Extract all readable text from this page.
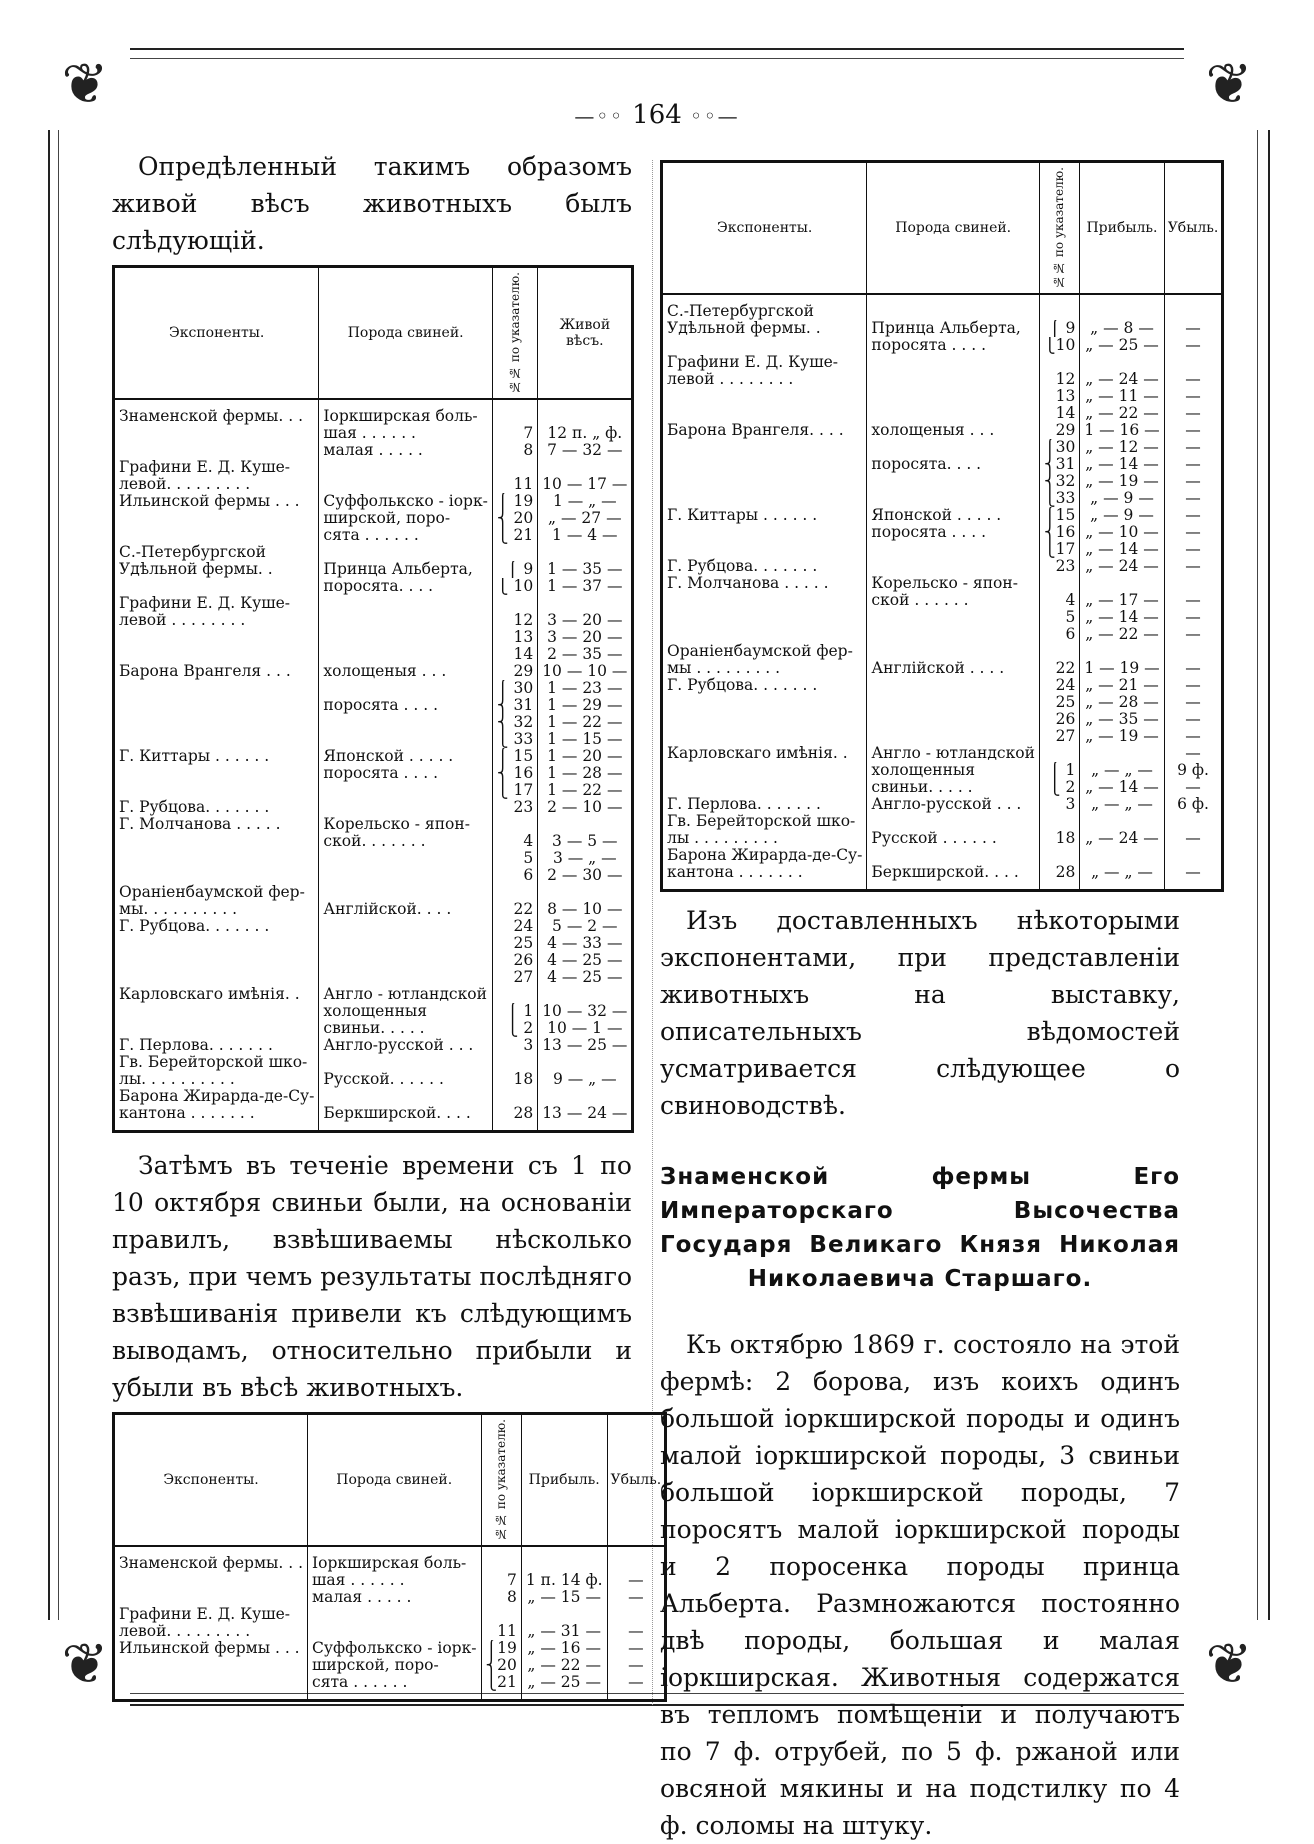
❦	❦
❦	❦
—◦◦ 164 ◦◦—

Опредѣленный такимъ образомъ живой вѣсъ животныхъ былъ слѣдующій.

Экспоненты.	Порода свиней.	№№ по указателю.	Живой вѣсъ.

Знаменской фермы. . .	Іоркширская боль-		
	шая . . . . . .	7	12 п. „ ф.
	малая . . . . .	8	7 — 32 —
Графини Е. Д. Куше-			
левой. . . . . . . . .		11	10 — 17 —
Ильинской фермы . . .	Суффолькско - іорк-	⎧ 19	1 — „ —
	ширской, поро-	⎨ 20	„ — 27 —
	сята . . . . . .	⎩ 21	1 — 4 —
С.-Петербургской			
Удѣльной фермы. .	Принца Альберта,	⎧ 9	1 — 35 —
	поросята. . . .	⎩ 10	1 — 37 —
Графини Е. Д. Куше-			
левой . . . . . . . .		12	3 — 20 —
		13	3 — 20 —
		14	2 — 35 —
Барона Врангеля . . .	холощеныя . . .	29	10 — 10 —
		⎧ 30	1 — 23 —
	поросята . . . .	⎨ 31	1 — 29 —
		⎨ 32	1 — 22 —
		⎩ 33	1 — 15 —
Г. Киттары . . . . . .	Японской . . . . .	⎧ 15	1 — 20 —
	поросята . . . .	⎨ 16	1 — 28 —
		⎩ 17	1 — 22 —
Г. Рубцова. . . . . . .		23	2 — 10 —
Г. Молчанова . . . . .	Корельско - япон-		
	ской. . . . . . .	4	3 — 5 —
		5	3 — „ —
		6	2 — 30 —
Ораніенбаумской фер-			
мы. . . . . . . . . .	Англійской. . . .	22	8 — 10 —
Г. Рубцова. . . . . . .		24	5 — 2 —
		25	4 — 33 —
		26	4 — 25 —
		27	4 — 25 —
Карловскаго имѣнія. .	Англо - ютландской		
	холощенныя	⎧ 1	10 — 32 —
	свиньи. . . . .	⎩ 2	10 — 1 —
Г. Перлова. . . . . . .	Англо-русской . . .	3	13 — 25 —
Гв. Берейторской шко-			
лы. . . . . . . . . .	Русской. . . . . .	18	9 — „ —
Барона Жирарда-де-Су-			
кантона . . . . . . .	Беркширской. . . .	28	13 — 24 —

Затѣмъ въ теченіе времени съ 1 по 10 октября свиньи были, на основаніи правилъ, взвѣшиваемы нѣсколько разъ, при чемъ результаты послѣдняго взвѣшиванія привели къ слѣдующимъ выводамъ, относительно прибыли и убыли въ вѣсѣ животныхъ.

Экспоненты.	Порода свиней.	№№ по указателю.	Прибыль.	Убыль.

Знаменской фермы. . .	Іоркширская боль-			
	шая . . . . . .	7	1 п. 14 ф.	—
	малая . . . . .	8	„ — 15 —	—
Графини Е. Д. Куше-				
левой. . . . . . . . .		11	„ — 31 —	—
Ильинской фермы . . .	Суффолькско - іорк-	⎧19	„ — 16 —	—
	ширской, поро-	⎨20	„ — 22 —	—
	сята . . . . . .	⎩21	„ — 25 —	—

Экспоненты.	Порода свиней.	№№ по указателю.	Прибыль.	Убыль.

С.-Петербургской				
Удѣльной фермы. .	Принца Альберта,	⎧ 9	„ — 8 —	—
	поросята . . . .	⎩10	„ — 25 —	—
Графини Е. Д. Куше-				
левой . . . . . . . .		12	„ — 24 —	—
		13	„ — 11 —	—
		14	„ — 22 —	—
Барона Врангеля. . . .	холощеныя . . .	29	1 — 16 —	—
		⎧30	„ — 12 —	—
	поросята. . . .	⎨31	„ — 14 —	—
		⎨32	„ — 19 —	—
		⎩33	„ — 9 —	—
Г. Киттары . . . . . .	Японской . . . . .	⎧15	„ — 9 —	—
	поросята . . . .	⎨16	„ — 10 —	—
		⎩17	„ — 14 —	—
Г. Рубцова. . . . . . .		23	„ — 24 —	—
Г. Молчанова . . . . .	Корельско - япон-			
	ской . . . . . .	4	„ — 17 —	—
		5	„ — 14 —	—
		6	„ — 22 —	—
Ораніенбаумской фер-				
мы . . . . . . . . .	Англійской . . . .	22	1 — 19 —	—
Г. Рубцова. . . . . . .		24	„ — 21 —	—
		25	„ — 28 —	—
		26	„ — 35 —	—
		27	„ — 19 —	—
Карловскаго имѣнія. .	Англо - ютландской			—
	холощенныя	⎧ 1	„ — „ —	9 ф.
	свиньи. . . . .	⎩ 2	„ — 14 —	—
Г. Перлова. . . . . . .	Англо-русской . . .	3	„ — „ —	6 ф.
Гв. Берейторской шко-				
лы . . . . . . . . .	Русской . . . . . .	18	„ — 24 —	—
Барона Жирарда-де-Су-				
кантона . . . . . . .	Беркширской. . . .	28	„ — „ —	—

Изъ доставленныхъ нѣкоторыми экспонентами, при представленіи животныхъ на выставку, описательныхъ вѣдомостей усматривается слѣдующее о свиноводствѣ.

Знаменской фермы Его Императорскаго Высочества Государя Великаго Князя Николая Николаевича Старшаго.

Къ октябрю 1869 г. состояло на этой фермѣ: 2 борова, изъ коихъ одинъ большой іоркширской породы и одинъ малой іоркширской породы, 3 свиньи большой іоркширской породы, 7 поросятъ малой іоркширской породы и 2 поросенка породы принца Альберта. Размножаются постоянно двѣ породы, большая и малая іоркширская. Животныя содержатся въ тепломъ помѣщеніи и получаютъ по 7 ф. отрубей, по 5 ф. ржаной или овсяной мякины и на подстилку по 4 ф. соломы на штуку.
